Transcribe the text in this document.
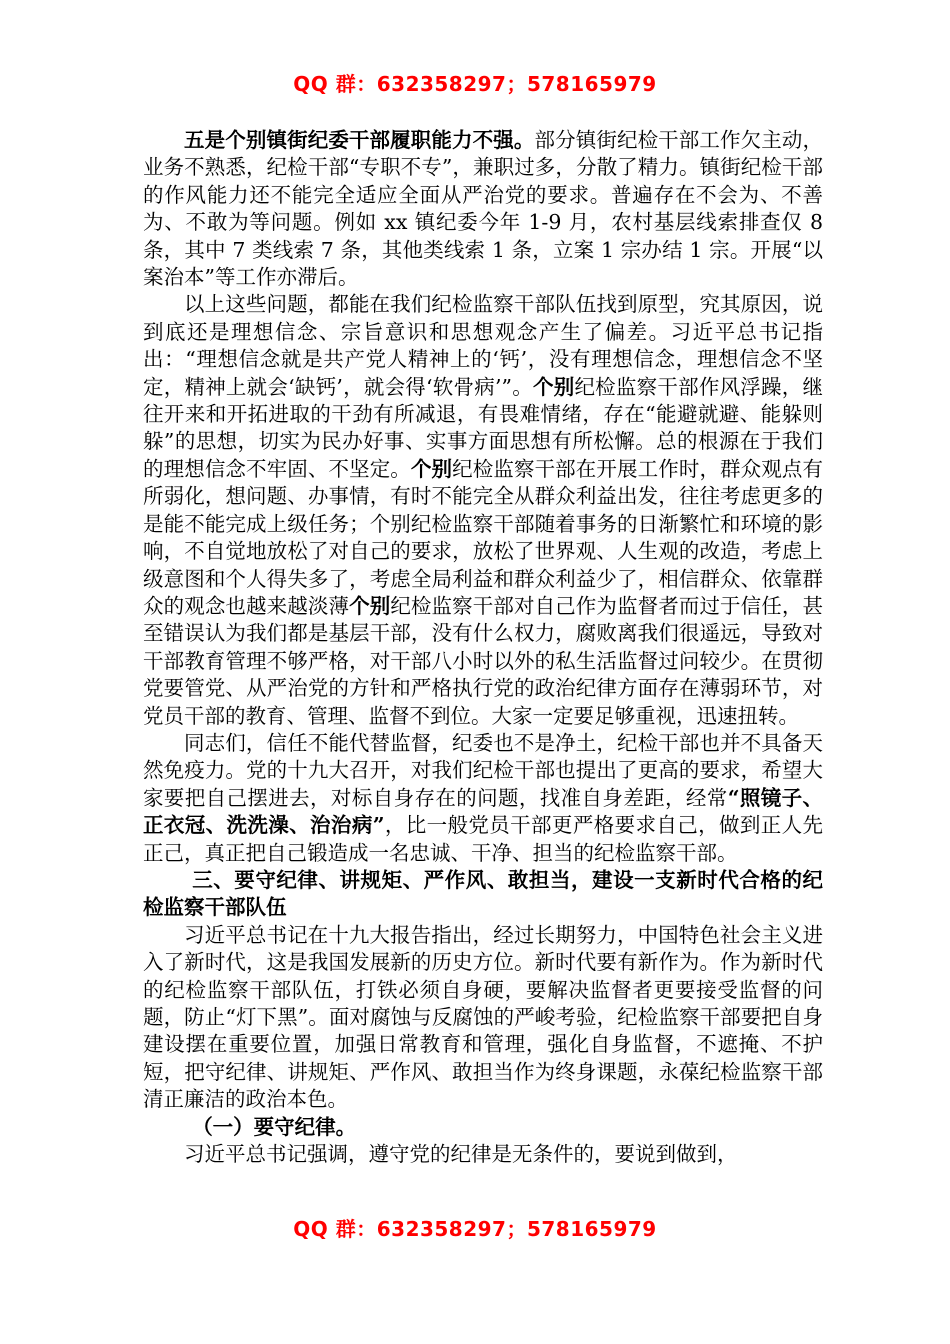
QQ 群：632358297；578165979

五是个别镇街纪委干部履职能力不强。部分镇街纪检干部工作欠主动，业务不熟悉，纪检干部“专职不专”，兼职过多，分散了精力。镇街纪检干部的作风能力还不能完全适应全面从严治党的要求。普遍存在不会为、不善为、不敢为等问题。例如 xx 镇纪委今年 1-9 月，农村基层线索排查仅 8 条，其中 7 类线索 7 条，其他类线索 1 条，立案 1 宗办结 1 宗。开展“以案治本”等工作亦滞后。

以上这些问题，都能在我们纪检监察干部队伍找到原型，究其原因，说到底还是理想信念、宗旨意识和思想观念产生了偏差。习近平总书记指出：“理想信念就是共产党人精神上的‘钙’，没有理想信念，理想信念不坚定，精神上就会‘缺钙’，就会得‘软骨病’”。个别纪检监察干部作风浮躁，继往开来和开拓进取的干劲有所减退，有畏难情绪，存在“能避就避、能躲则躲”的思想，切实为民办好事、实事方面思想有所松懈。总的根源在于我们的理想信念不牢固、不坚定。个别纪检监察干部在开展工作时，群众观点有所弱化，想问题、办事情，有时不能完全从群众利益出发，往往考虑更多的是能不能完成上级任务；个别纪检监察干部随着事务的日渐繁忙和环境的影响，不自觉地放松了对自己的要求，放松了世界观、人生观的改造，考虑上级意图和个人得失多了，考虑全局利益和群众利益少了，相信群众、依靠群众的观念也越来越淡薄个别纪检监察干部对自己作为监督者而过于信任，甚至错误认为我们都是基层干部，没有什么权力，腐败离我们很遥远，导致对干部教育管理不够严格，对干部八小时以外的私生活监督过问较少。在贯彻党要管党、从严治党的方针和严格执行党的政治纪律方面存在薄弱环节，对党员干部的教育、管理、监督不到位。大家一定要足够重视，迅速扭转。

同志们，信任不能代替监督，纪委也不是净土，纪检干部也并不具备天然免疫力。党的十九大召开，对我们纪检干部也提出了更高的要求，希望大家要把自己摆进去，对标自身存在的问题，找准自身差距，经常“照镜子、正衣冠、洗洗澡、治治病”，比一般党员干部更严格要求自己，做到正人先正己，真正把自己锻造成一名忠诚、干净、担当的纪检监察干部。

三、要守纪律、讲规矩、严作风、敢担当，建设一支新时代合格的纪检监察干部队伍

习近平总书记在十九大报告指出，经过长期努力，中国特色社会主义进入了新时代，这是我国发展新的历史方位。新时代要有新作为。作为新时代的纪检监察干部队伍，打铁必须自身硬，要解决监督者更要接受监督的问题，防止“灯下黑”。面对腐蚀与反腐蚀的严峻考验，纪检监察干部要把自身建设摆在重要位置，加强日常教育和管理，强化自身监督，不遮掩、不护短，把守纪律、讲规矩、严作风、敢担当作为终身课题，永葆纪检监察干部清正廉洁的政治本色。

（一）要守纪律。

习近平总书记强调，遵守党的纪律是无条件的，要说到做到，

QQ 群：632358297；578165979
